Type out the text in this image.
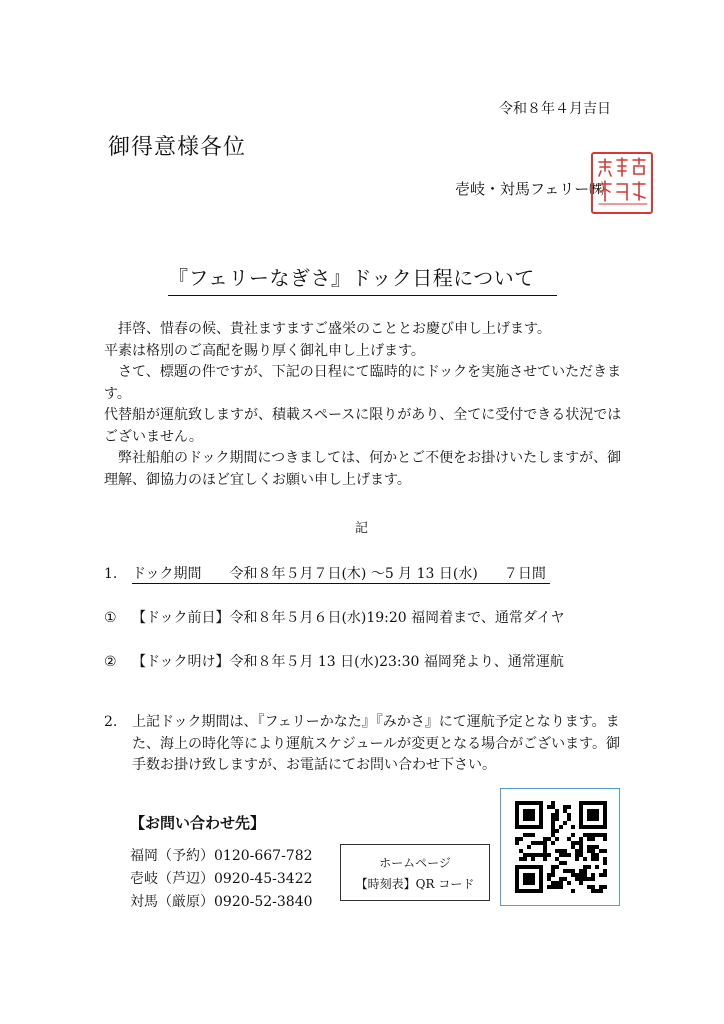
令和８年４月吉日
御得意様各位
壱岐・対馬フェリー㈱
『フェリーなぎさ』ドック日程について

拝啓、惜春の候、貴社ますますご盛栄のこととお慶び申し上げます。

平素は格別のご高配を賜り厚く御礼申し上げます。

さて、標題の件ですが、下記の日程にて臨時的にドックを実施させていただきます。

代替船が運航致しますが、積載スペースに限りがあり、全てに受付できる状況ではございません。

弊社船舶のドック期間につきましては、何かとご不便をお掛けいたしますが、御理解、御協力のほど宜しくお願い申し上げます。

記
1. ドック期間 令和８年５月７日(木) ～5 月 13 日(水) ７日間
① 【ドック前日】令和８年５月６日(水)19:20 福岡着まで、通常ダイヤ
② 【ドック明け】令和８年５月 13 日(水)23:30 福岡発より、通常運航
2.	上記ドック期間は、『フェリーかなた』『みかさ』にて運航予定となります。また、海上の時化等により運航スケジュールが変更となる場合がございます。御手数お掛け致しますが、お電話にてお問い合わせ下さい。
【お問い合わせ先】
福岡（予約）0120-667-782
壱岐（芦辺）0920-45-3422
対馬（厳原）0920-52-3840
ホームページ
【時刻表】QR コード
